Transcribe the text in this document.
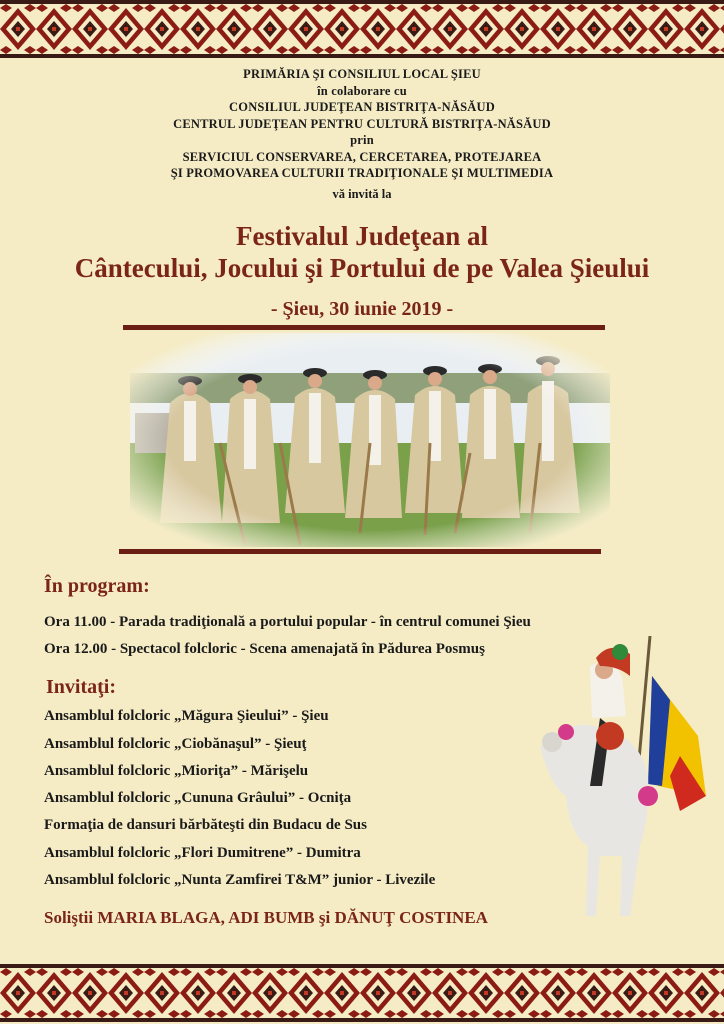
PRIMĂRIA ŞI CONSILIUL LOCAL ŞIEU
în colaborare cu
CONSILIUL JUDEŢEAN BISTRIŢA-NĂSĂUD
CENTRUL JUDEŢEAN PENTRU CULTURĂ BISTRIŢA-NĂSĂUD
prin
SERVICIUL CONSERVAREA, CERCETAREA, PROTEJAREA
ŞI PROMOVAREA CULTURII TRADIŢIONALE ŞI MULTIMEDIA
vă invită la
Festivalul Judeţean al
Cântecului, Jocului şi Portului de pe Valea Şieului
- Şieu, 30 iunie 2019 -
În program:
Ora 11.00 - Parada tradiţională a portului popular - în centrul comunei Şieu
Ora 12.00 - Spectacol folcloric - Scena amenajată în Pădurea Posmuş
Invitaţi:
Ansamblul folcloric „Măgura Şieului” - Şieu
Ansamblul folcloric „Ciobănaşul” - Şieuţ
Ansamblul folcloric „Mioriţa” - Mărişelu
Ansamblul folcloric „Cununa Grâului” - Ocniţa
Formaţia de dansuri bărbăteşti din Budacu de Sus
Ansamblul folcloric „Flori Dumitrene” - Dumitra
Ansamblul folcloric „Nunta Zamfirei T&M” junior - Livezile
Soliştii MARIA BLAGA, ADI BUMB şi DĂNUŢ COSTINEA
